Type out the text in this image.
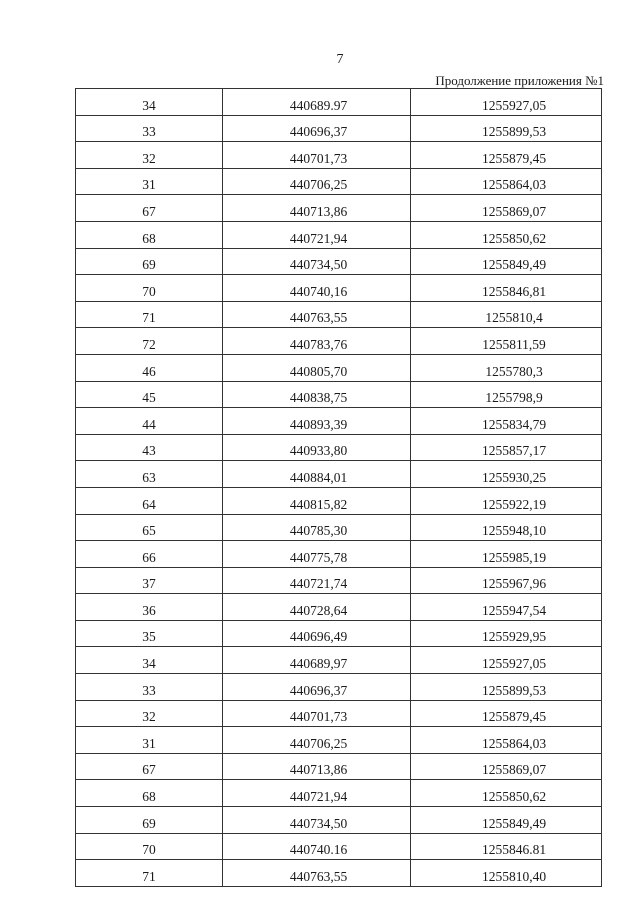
7
Продолжение приложения №1
34	440689.97	1255927,05
33	440696,37	1255899,53
32	440701,73	1255879,45
31	440706,25	1255864,03
67	440713,86	1255869,07
68	440721,94	1255850,62
69	440734,50	1255849,49
70	440740,16	1255846,81
71	440763,55	1255810,4
72	440783,76	1255811,59
46	440805,70	1255780,3
45	440838,75	1255798,9
44	440893,39	1255834,79
43	440933,80	1255857,17
63	440884,01	1255930,25
64	440815,82	1255922,19
65	440785,30	1255948,10
66	440775,78	1255985,19
37	440721,74	1255967,96
36	440728,64	1255947,54
35	440696,49	1255929,95
34	440689,97	1255927,05
33	440696,37	1255899,53
32	440701,73	1255879,45
31	440706,25	1255864,03
67	440713,86	1255869,07
68	440721,94	1255850,62
69	440734,50	1255849,49
70	440740.16	1255846.81
71	440763,55	1255810,40
